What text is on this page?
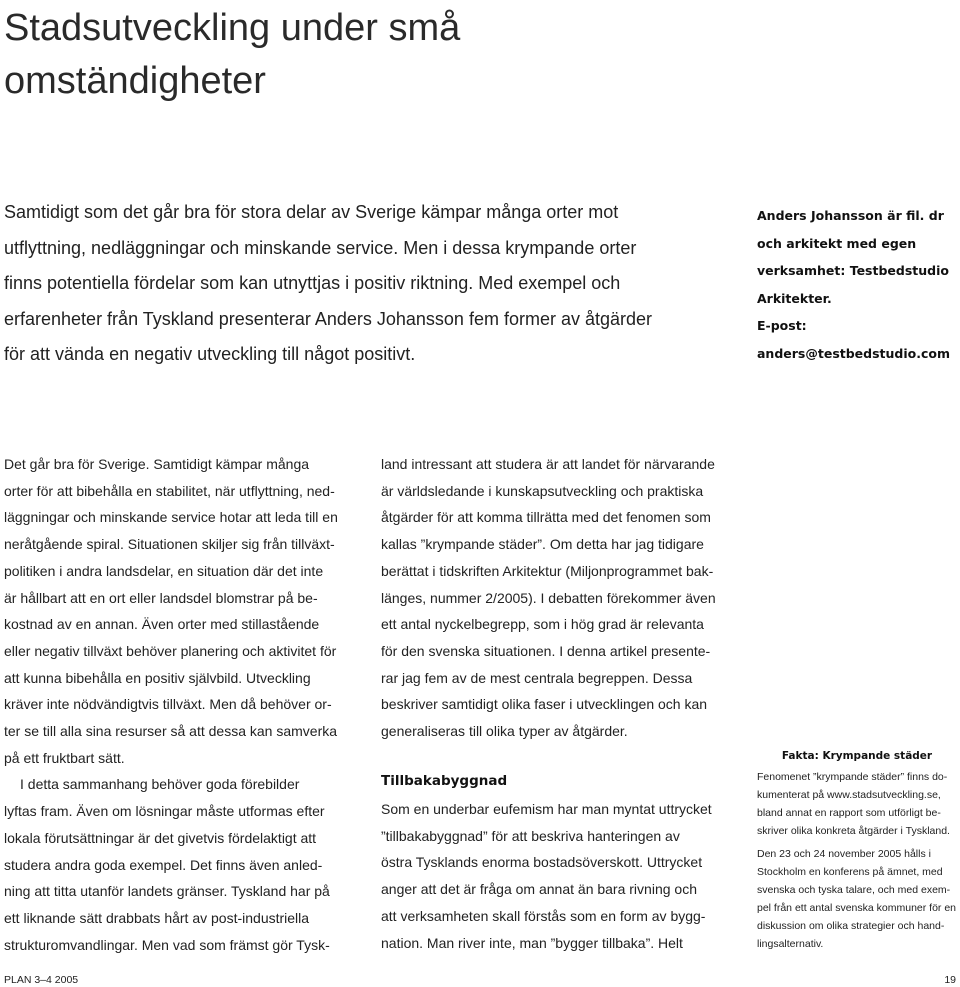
Stadsutveckling under små
omständigheter
Samtidigt som det går bra för stora delar av Sverige kämpar många orter mot
utflyttning, nedläggningar och minskande service. Men i dessa krympande orter
finns potentiella fördelar som kan utnyttjas i positiv riktning. Med exempel och
erfarenheter från Tyskland presenterar Anders Johansson fem former av åtgärder
för att vända en negativ utveckling till något positivt.
Anders Johansson är fil. dr
och arkitekt med egen
verksamhet: Testbedstudio
Arkitekter.
E-post:
anders@testbedstudio.com
Det går bra för Sverige. Samtidigt kämpar många
orter för att bibehålla en stabilitet, när utflyttning, ned-
läggningar och minskande service hotar att leda till en
neråtgående spiral. Situationen skiljer sig från tillväxt-
politiken i andra landsdelar, en situation där det inte
är hållbart att en ort eller landsdel blomstrar på be-
kostnad av en annan. Även orter med stillastående
eller negativ tillväxt behöver planering och aktivitet för
att kunna bibehålla en positiv självbild. Utveckling
kräver inte nödvändigtvis tillväxt. Men då behöver or-
ter se till alla sina resurser så att dessa kan samverka
på ett fruktbart sätt.
I detta sammanhang behöver goda förebilder
lyftas fram. Även om lösningar måste utformas efter
lokala förutsättningar är det givetvis fördelaktigt att
studera andra goda exempel. Det finns även anled-
ning att titta utanför landets gränser. Tyskland har på
ett liknande sätt drabbats hårt av post-industriella
strukturomvandlingar. Men vad som främst gör Tysk-
land intressant att studera är att landet för närvarande
är världsledande i kunskapsutveckling och praktiska
åtgärder för att komma tillrätta med det fenomen som
kallas ”krympande städer”. Om detta har jag tidigare
berättat i tidskriften Arkitektur (Miljonprogrammet bak-
länges, nummer 2/2005). I debatten förekommer även
ett antal nyckelbegrepp, som i hög grad är relevanta
för den svenska situationen. I denna artikel presente-
rar jag fem av de mest centrala begreppen. Dessa
beskriver samtidigt olika faser i utvecklingen och kan
generaliseras till olika typer av åtgärder.
Tillbakabyggnad
Som en underbar eufemism har man myntat uttrycket
”tillbakabyggnad” för att beskriva hanteringen av
östra Tysklands enorma bostadsöverskott. Uttrycket
anger att det är fråga om annat än bara rivning och
att verksamheten skall förstås som en form av bygg-
nation. Man river inte, man ”bygger tillbaka”. Helt
Fakta: Krympande städer
Fenomenet ”krympande städer” finns do-
kumenterat på www.stadsutveckling.se,
bland annat en rapport som utförligt be-
skriver olika konkreta åtgärder i Tyskland.
Den 23 och 24 november 2005 hålls i
Stockholm en konferens på ämnet, med
svenska och tyska talare, och med exem-
pel från ett antal svenska kommuner för en
diskussion om olika strategier och hand-
lingsalternativ.
PLAN 3–4 2005	19
